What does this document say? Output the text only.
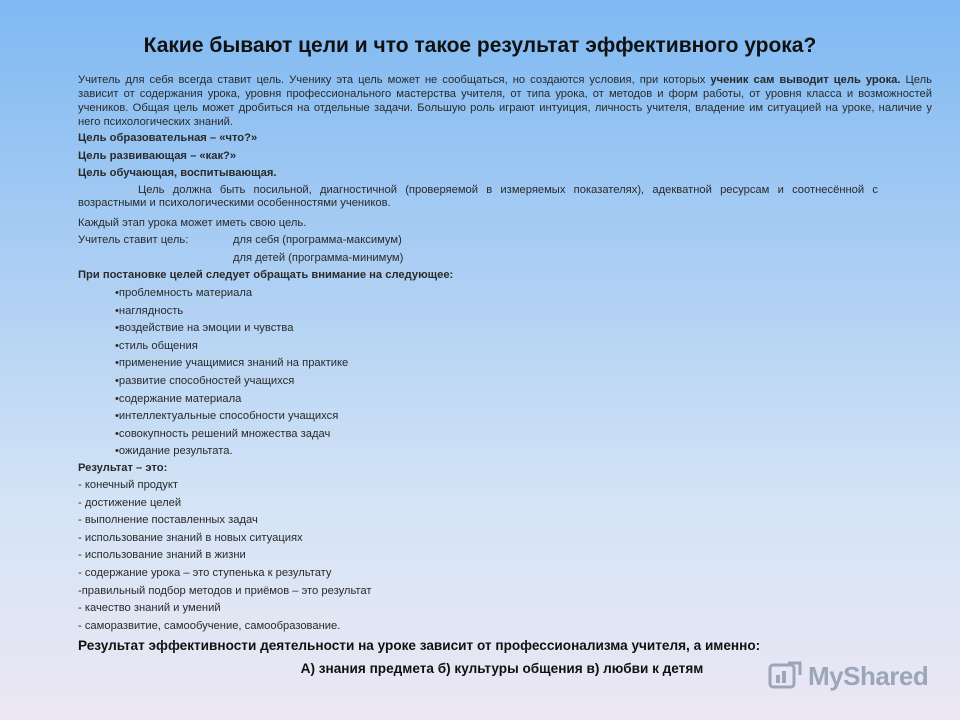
Какие бывают цели и что такое результат эффективного урока?
Учитель для себя всегда ставит цель. Ученику эта цель может не сообщаться, но создаются условия, при которых ученик сам выводит цель урока. Цель зависит от содержания урока, уровня профессионального мастерства учителя, от типа урока, от методов и форм работы, от уровня класса и возможностей учеников. Общая цель может дробиться на отдельные задачи. Большую роль играют интуиция, личность учителя, владение им ситуацией на уроке, наличие у него психологических знаний.
Цель образовательная – «что?»
Цель развивающая – «как?»
Цель обучающая, воспитывающая.
Цель должна быть посильной, диагностичной (проверяемой в измеряемых показателях), адекватной ресурсам и соотнесённой с возрастными и психологическими особенностями учеников.
Каждый этап урока может иметь свою цель.
Учитель ставит цель:	для себя (программа-максимум)
для детей (программа-минимум)
При постановке целей следует обращать внимание на следующее:
•проблемность материала
•наглядность
•воздействие на эмоции и чувства
•стиль общения
•применение учащимися знаний на практике
•развитие способностей учащихся
•содержание материала
•интеллектуальные способности учащихся
•совокупность решений множества задач
•ожидание результата.
Результат – это:
- конечный продукт
- достижение целей
- выполнение поставленных задач
- использование знаний в новых ситуациях
- использование знаний в жизни
- содержание урока – это ступенька к результату
-правильный подбор методов и приёмов – это результат
- качество знаний и умений
- саморазвитие, самообучение, самообразование.
Результат эффективности деятельности на уроке зависит от профессионализма учителя, а именно:
А) знания предмета б) культуры общения в) любви к детям	MyShared
